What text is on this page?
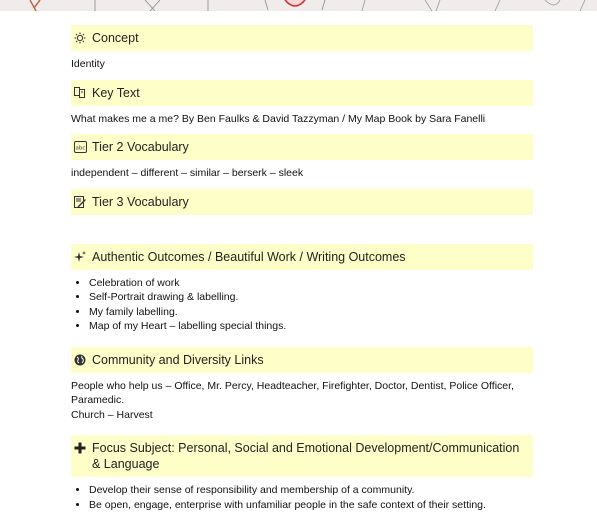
Concept
Identity
Key Text
What makes me a me? By Ben Faulks & David Tazzyman / My Map Book by Sara Fanelli
abc Tier 2 Vocabulary
independent – different – similar – berserk – sleek
Tier 3 Vocabulary
Authentic Outcomes / Beautiful Work / Writing Outcomes
• Celebration of work
• Self-Portrait drawing & labelling.
• My family labelling.
• Map of my Heart – labelling special things.
Community and Diversity Links
People who help us – Office, Mr. Percy, Headteacher, Firefighter, Doctor, Dentist, Police Officer, Paramedic.
Church – Harvest
Focus Subject: Personal, Social and Emotional Development/Communication & Language
• Develop their sense of responsibility and membership of a community.
• Be open, engage, enterprise with unfamiliar people in the safe context of their setting.
